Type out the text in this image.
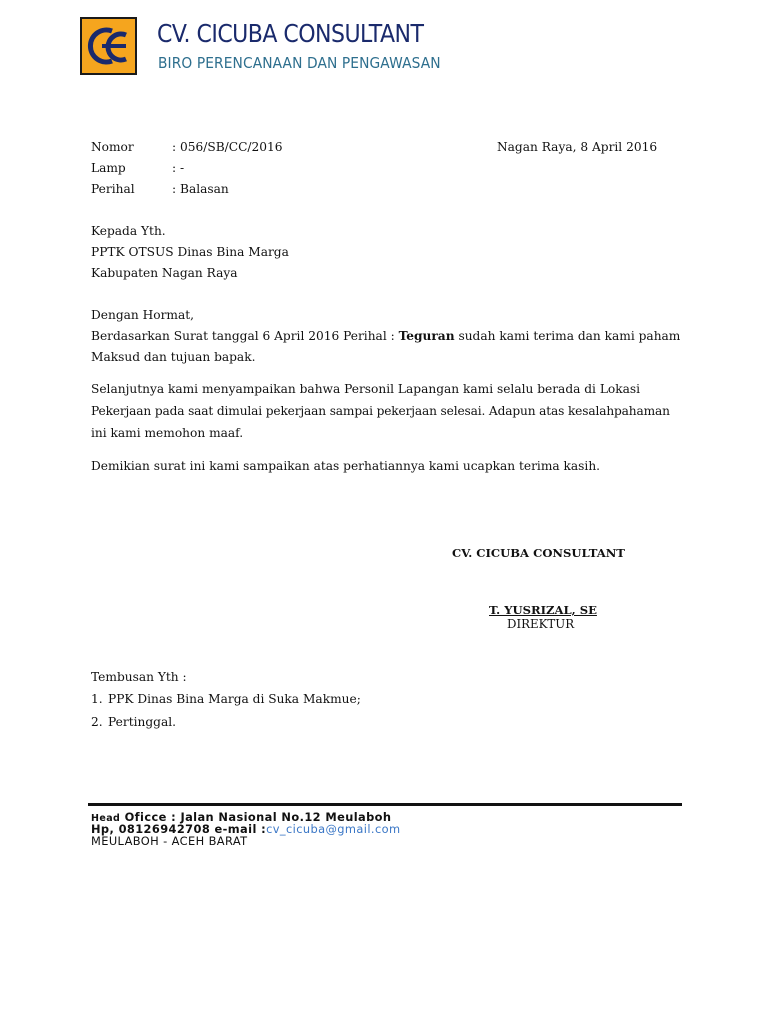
CV. CICUBA CONSULTANT
BIRO PERENCANAAN DAN PENGAWASAN
Nomor	: 056/SB/CC/2016	Nagan Raya, 8 April 2016
Lamp	: -
Perihal	: Balasan
Kepada Yth.
PPTK OTSUS Dinas Bina Marga
Kabupaten Nagan Raya
Dengan Hormat,
Berdasarkan Surat tanggal 6 April 2016 Perihal : Teguran sudah kami terima dan kami paham
Maksud dan tujuan bapak.
Selanjutnya kami menyampaikan bahwa Personil Lapangan kami selalu berada di Lokasi
Pekerjaan pada saat dimulai pekerjaan sampai pekerjaan selesai. Adapun atas kesalahpahaman
ini kami memohon maaf.
Demikian surat ini kami sampaikan atas perhatiannya kami ucapkan terima kasih.
CV. CICUBA CONSULTANT
T. YUSRIZAL, SE
DIREKTUR
Tembusan Yth :
1. PPK Dinas Bina Marga di Suka Makmue;
2. Pertinggal.
Head Oficce : Jalan Nasional No.12 Meulaboh
Hp, 08126942708 e-mail :cv_cicuba@gmail.com
MEULABOH - ACEH BARAT
